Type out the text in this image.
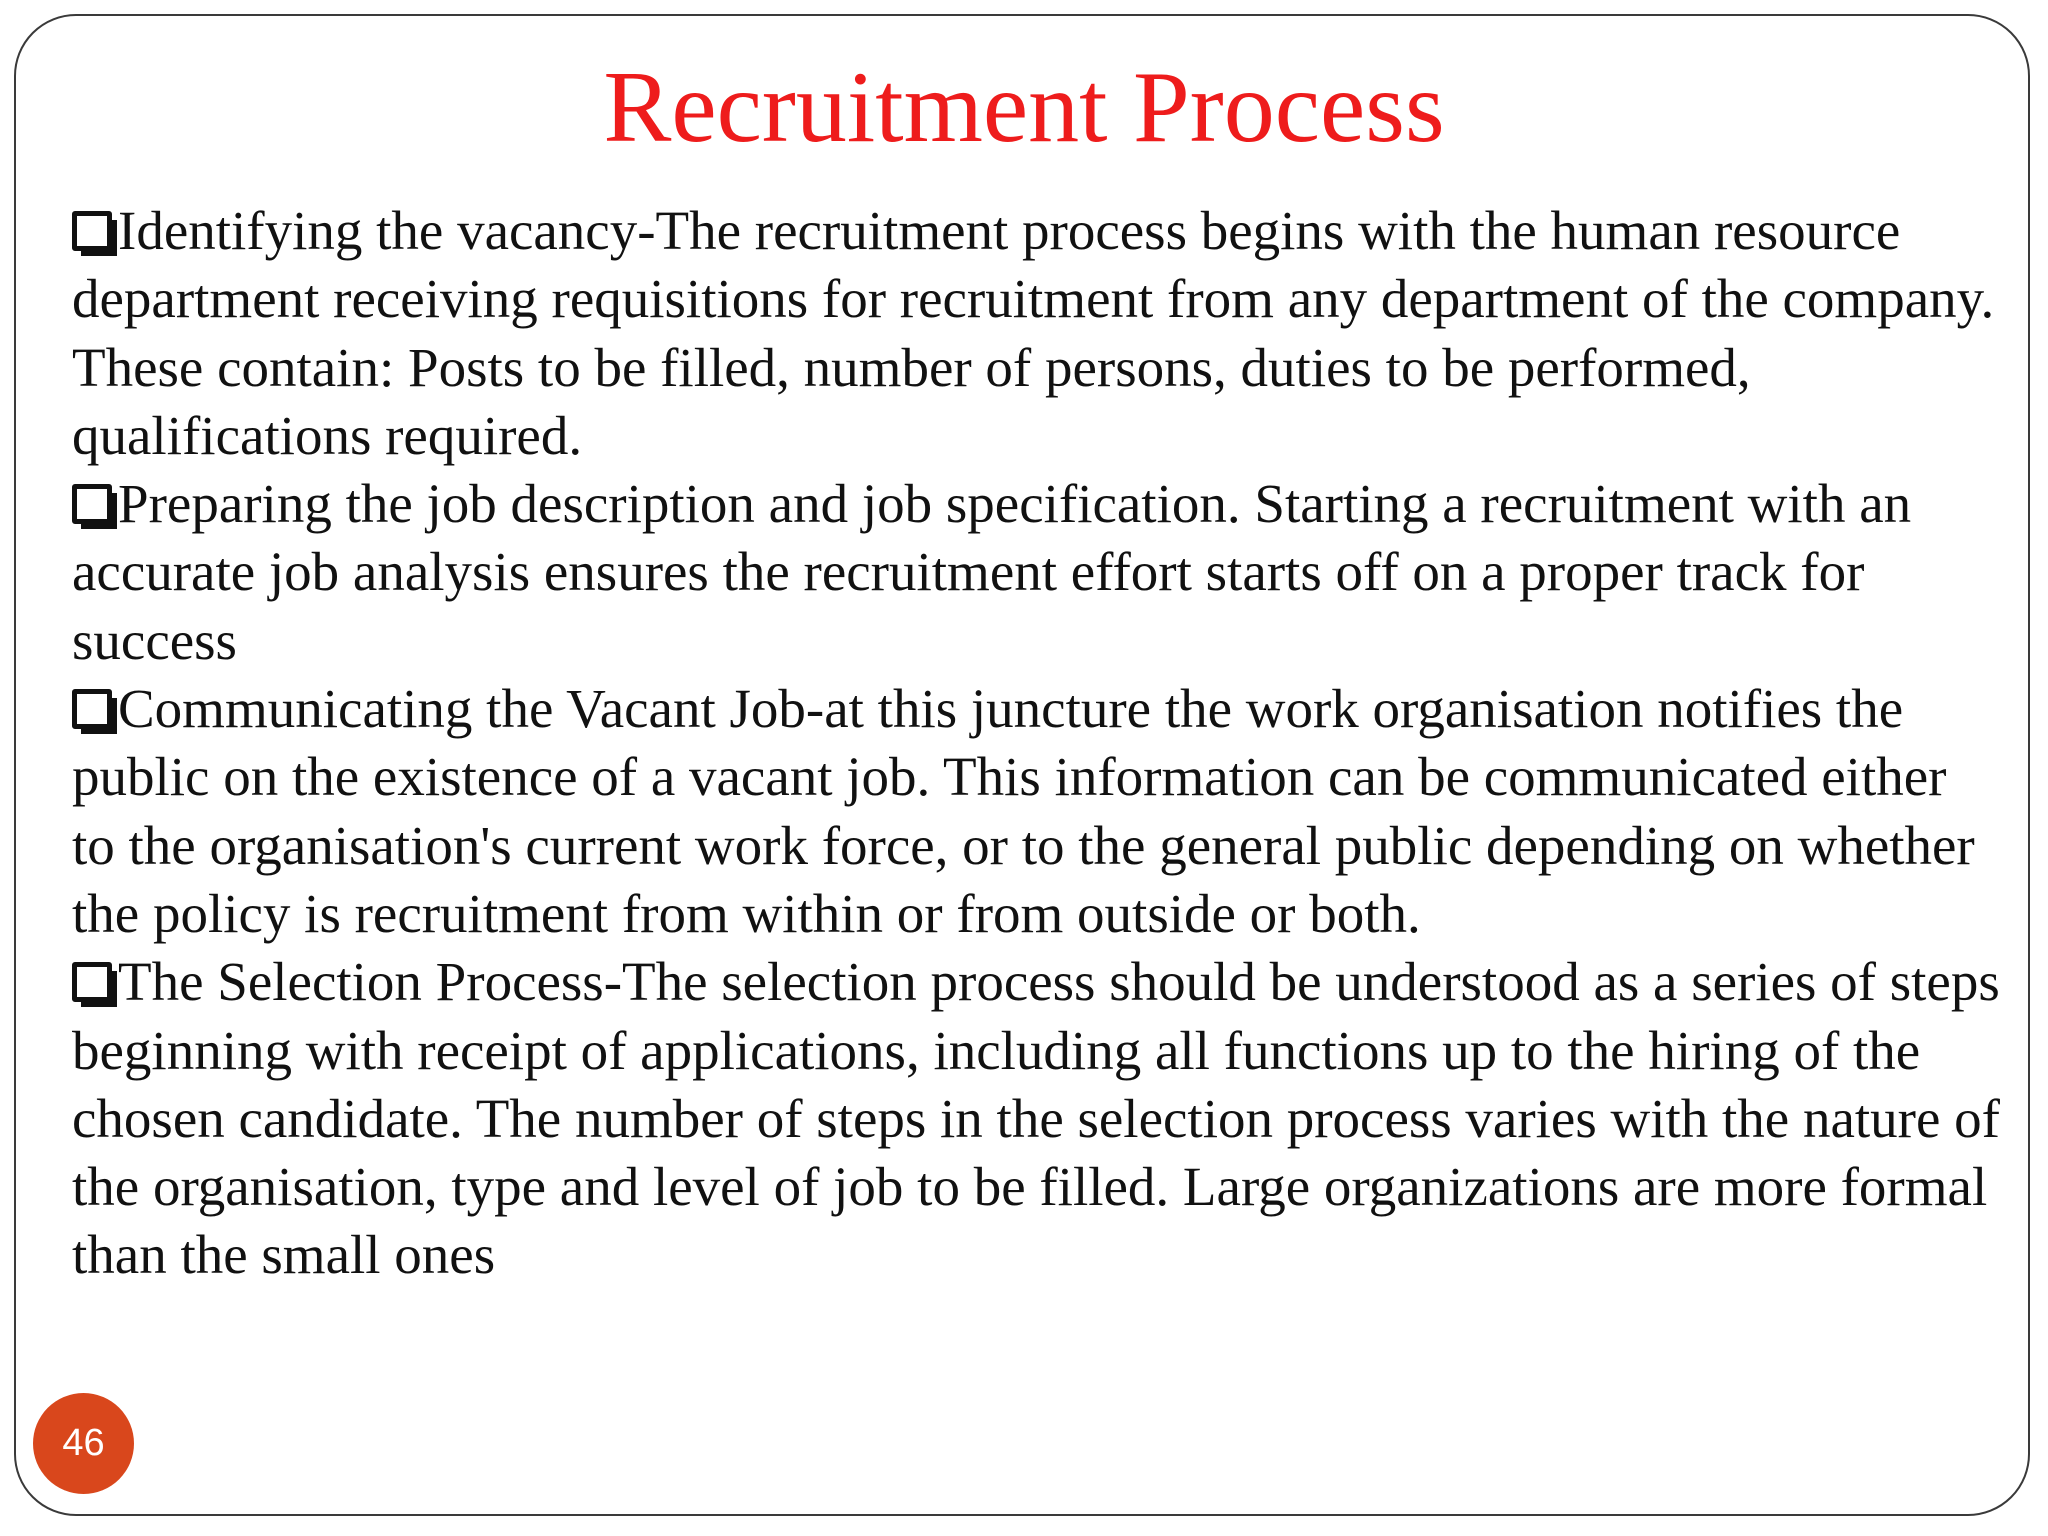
Recruitment Process

Identifying the vacancy-The recruitment process begins with the human resource department receiving requisitions for recruitment from any department of the company. These contain: Posts to be filled, number of persons, duties to be performed, qualifications required.

Preparing the job description and job specification. Starting a recruitment with an accurate job analysis ensures the recruitment effort starts off on a proper track for success

Communicating the Vacant Job-at this juncture the work organisation notifies the public on the existence of a vacant job. This information can be communicated either to the organisation's current work force, or to the general public depending on whether the policy is recruitment from within or from outside or both.

The Selection Process-The selection process should be understood as a series of steps beginning with receipt of applications, including all functions up to the hiring of the chosen candidate. The number of steps in the selection process varies with the nature of the organisation, type and level of job to be filled. Large organizations are more formal than the small ones

46
